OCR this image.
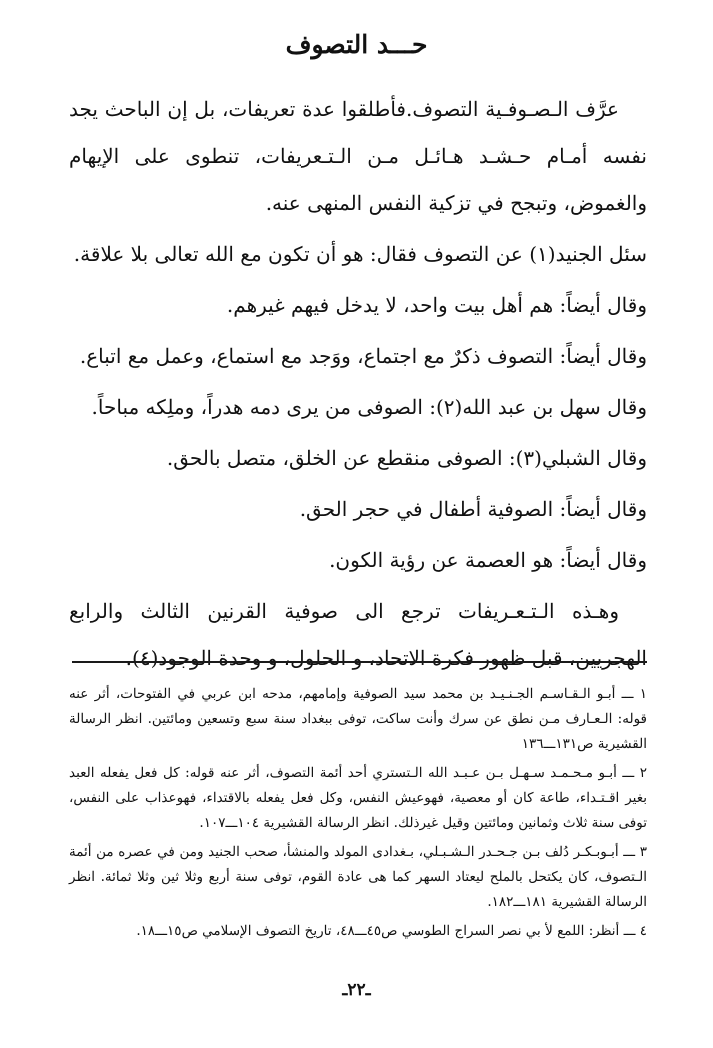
حـــد التصوف

عرَّف الـصـوفـية التصوف.فأطلقوا عدة تعريفات، بل إن الباحث يجد نفسه أمـام حـشـد هـائـل مـن الـتـعريفات، تنطوى على الإيهام والغموض، وتبجح في تزكية النفس المنهى عنه.

سئل الجنيد(١) عن التصوف فقال: هو أن تكون مع الله تعالى بلا علاقة.

وقال أيضاً: هم أهل بيت واحد، لا يدخل فيهم غيرهم.

وقال أيضاً: التصوف ذكرٌ مع اجتماع، ووَجد مع استماع، وعمل مع اتباع.

وقال سهل بن عبد الله(٢): الصوفى من يرى دمه هدراً، وملِكه مباحاً.

وقال الشبلي(٣): الصوفى منقطع عن الخلق، متصل بالحق.

وقال أيضاً: الصوفية أطفال في حجر الحق.

وقال أيضاً: هو العصمة عن رؤية الكون.

وهـذه الـتـعـريفات ترجع الى صوفية القرنين الثالث والرابع الهجريين، قبل ظهور فكرة الاتحاد، و الحلول، و وحدة الوجود(٤).

١ ـــ أبـو الـقـاسـم الجـنـيـد بن محمد سيد الصوفية وإمامهم، مدحه ابن عربي في الفتوحات، أثر عنه قوله: الـعـارف مـن نطق عن سرك وأنت ساكت، توفى ببغداد سنة سبع وتسعين ومائتين. انظر الرسالة القشيرية ص١٣١ـــ١٣٦

٢ ـــ أبـو مـحـمـد سـهـل بـن عـبـد الله الـتستري أحد أئمة التصوف، أثر عنه قوله: كل فعل يفعله العبد بغير اقـتـداء، طاعة كان أو معصية، فهوعيش النفس، وكل فعل يفعله بالاقتداء، فهوعذاب على النفس، توفى سنة ثلاث وثمانين ومائتين وقيل غيرذلك. انظر الرسالة القشيرية ١٠٤ـــ١٠٧.

٣ ـــ أبـوبـكـر دُلف بـن جـحـدر الـشـبـلي، بـغدادى المولد والمنشأ، صحب الجنيد ومن في عصره من أئمة الـتصوف، كان يكتحل بالملح ليعتاد السهر كما هى عادة القوم، توفى سنة أربع وثلا ثين وثلا ثمائة. انظر الرسالة القشيرية ١٨١ـــ١٨٢.

٤ ـــ أنظر: اللمع لأ بي نصر السراج الطوسي ص٤٥ـــ٤٨، تاريخ التصوف الإسلامي ص١٥ـــ١٨.

ـ٢٢ـ
